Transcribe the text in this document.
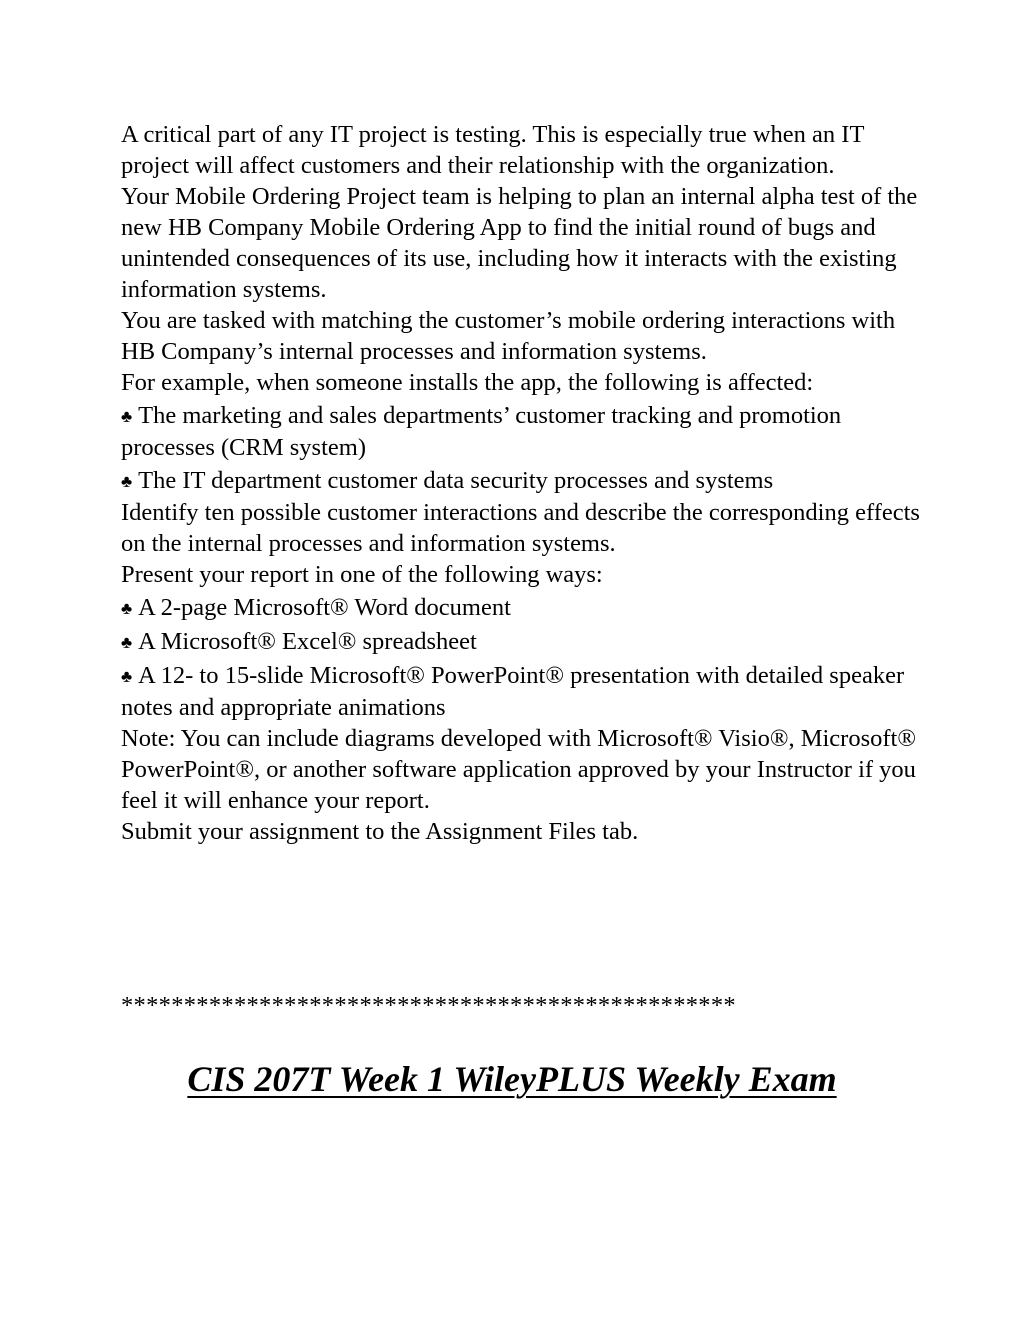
A critical part of any IT project is testing. This is especially true when an IT project will affect customers and their relationship with the organization.

Your Mobile Ordering Project team is helping to plan an internal alpha test of the new HB Company Mobile Ordering App to find the initial round of bugs and unintended consequences of its use, including how it interacts with the existing information systems.

You are tasked with matching the customer’s mobile ordering interactions with HB Company’s internal processes and information systems.

For example, when someone installs the app, the following is affected:

♣ The marketing and sales departments’ customer tracking and promotion processes (CRM system)

♣ The IT department customer data security processes and systems

Identify ten possible customer interactions and describe the corresponding effects on the internal processes and information systems.

Present your report in one of the following ways:

♣ A 2-page Microsoft® Word document

♣ A Microsoft® Excel® spreadsheet

♣ A 12- to 15-slide Microsoft® PowerPoint® presentation with detailed speaker notes and appropriate animations

Note: You can include diagrams developed with Microsoft® Visio®, Microsoft® PowerPoint®, or another software application approved by your Instructor if you feel it will enhance your report.

Submit your assignment to the Assignment Files tab.

*************************************************
CIS 207T Week 1 WileyPLUS Weekly Exam
